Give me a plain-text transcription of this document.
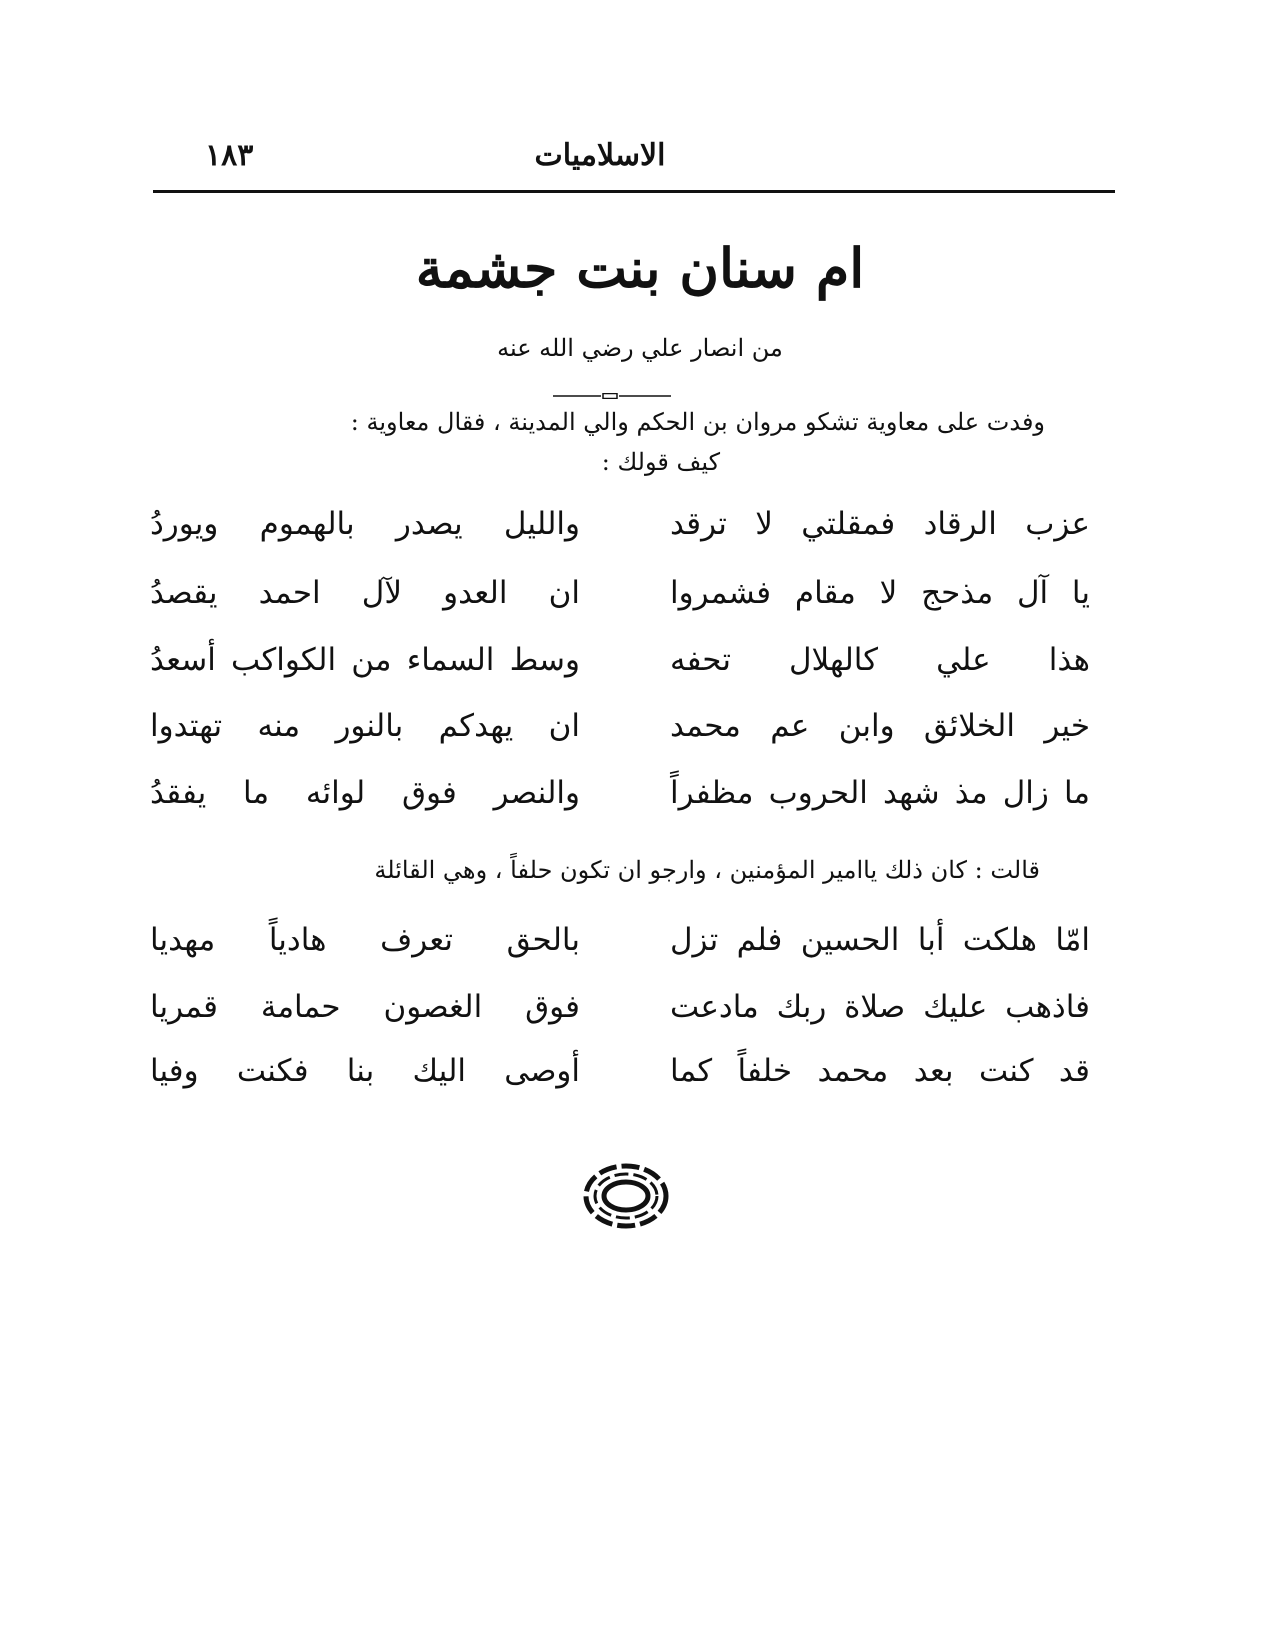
الاسلاميات
١٨٣
ام سنان بنت جشمة
من انصار علي رضي الله عنه
وفدت على معاوية تشكو مروان بن الحكم والي المدينة ، فقال معاوية :
كيف قولك :
عزب الرقاد فمقلتي لا ترقد
والليل يصدر بالهموم ويوردُ
يا آل مذحج لا مقام فشمروا
ان العدو لآل احمد يقصدُ
هذا علي كالهلال تحفه
وسط السماء من الكواكب أسعدُ
خير الخلائق وابن عم محمد
ان يهدكم بالنور منه تهتدوا
ما زال مذ شهد الحروب مظفراً
والنصر فوق لوائه ما يفقدُ
قالت : كان ذلك ياامير المؤمنين ، وارجو ان تكون حلفاً ، وهي القائلة
امّا هلكت أبا الحسين فلم تزل
بالحق تعرف هادياً مهديا
فاذهب عليك صلاة ربك مادعت
فوق الغصون حمامة قمريا
قد كنت بعد محمد خلفاً كما
أوصى اليك بنا فكنت وفيا
